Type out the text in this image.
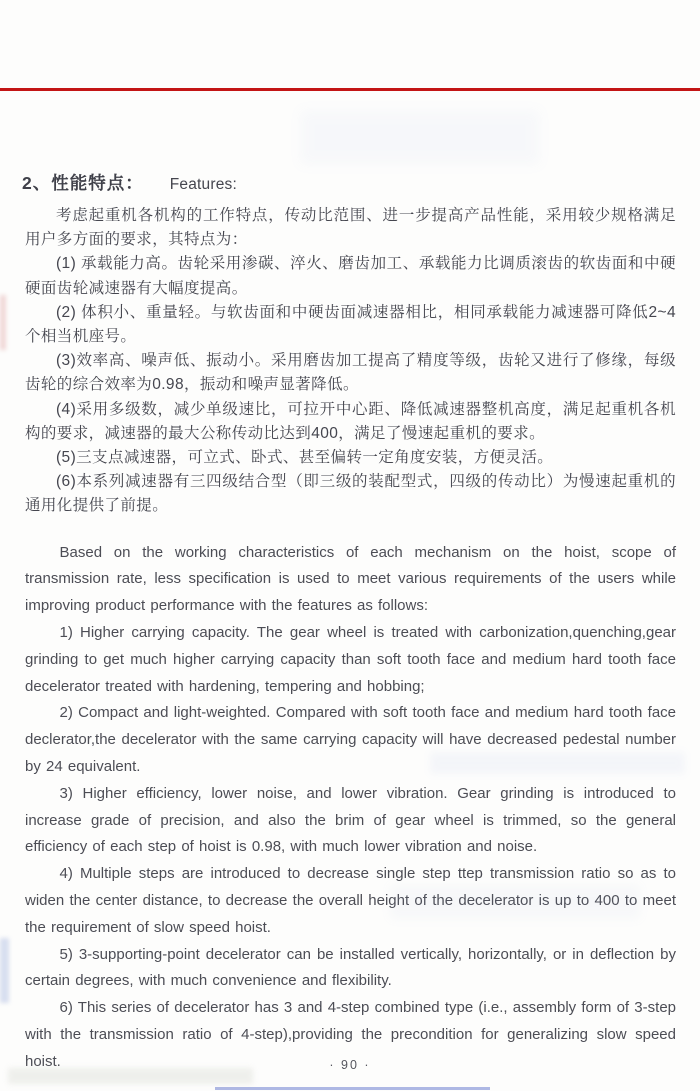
2、性能特点： Features:

考虑起重机各机构的工作特点，传动比范围、进一步提高产品性能，采用较少规格满足用户多方面的要求，其特点为：

(1) 承载能力高。齿轮采用渗碳、淬火、磨齿加工、承载能力比调质滚齿的软齿面和中硬硬面齿轮减速器有大幅度提高。

(2) 体积小、重量轻。与软齿面和中硬齿面减速器相比，相同承载能力减速器可降低2~4个相当机座号。

(3)效率高、噪声低、振动小。采用磨齿加工提高了精度等级，齿轮又进行了修缘，每级齿轮的综合效率为0.98，振动和噪声显著降低。

(4)采用多级数，减少单级速比，可拉开中心距、降低减速器整机高度，满足起重机各机构的要求，减速器的最大公称传动比达到400，满足了慢速起重机的要求。

(5)三支点减速器，可立式、卧式、甚至偏转一定角度安装，方便灵活。

(6)本系列减速器有三四级结合型（即三级的装配型式，四级的传动比）为慢速起重机的通用化提供了前提。

Based on the working characteristics of each mechanism on the hoist, scope of transmission rate, less specification is used to meet various requirements of the users while improving product performance with the features as follows:

1) Higher carrying capacity. The gear wheel is treated with carbonization,quenching,gear grinding to get much higher carrying capacity than soft tooth face and medium hard tooth face decelerator treated with hardening, tempering and hobbing;

2) Compact and light-weighted. Compared with soft tooth face and medium hard tooth face declerator,the decelerator with the same carrying capacity will have decreased pedestal number by 24 equivalent.

3) Higher efficiency, lower noise, and lower vibration. Gear grinding is introduced to increase grade of precision, and also the brim of gear wheel is trimmed, so the general efficiency of each step of hoist is 0.98, with much lower vibration and noise.

4) Multiple steps are introduced to decrease single step ttep transmission ratio so as to widen the center distance, to decrease the overall height of the decelerator is up to 400 to meet the requirement of slow speed hoist.

5) 3-supporting-point decelerator can be installed vertically, horizontally, or in deflection by certain degrees, with much convenience and flexibility.

6) This series of decelerator has 3 and 4-step combined type (i.e., assembly form of 3-step with the transmission ratio of 4-step),providing the precondition for generalizing slow speed hoist.	· 90 ·
